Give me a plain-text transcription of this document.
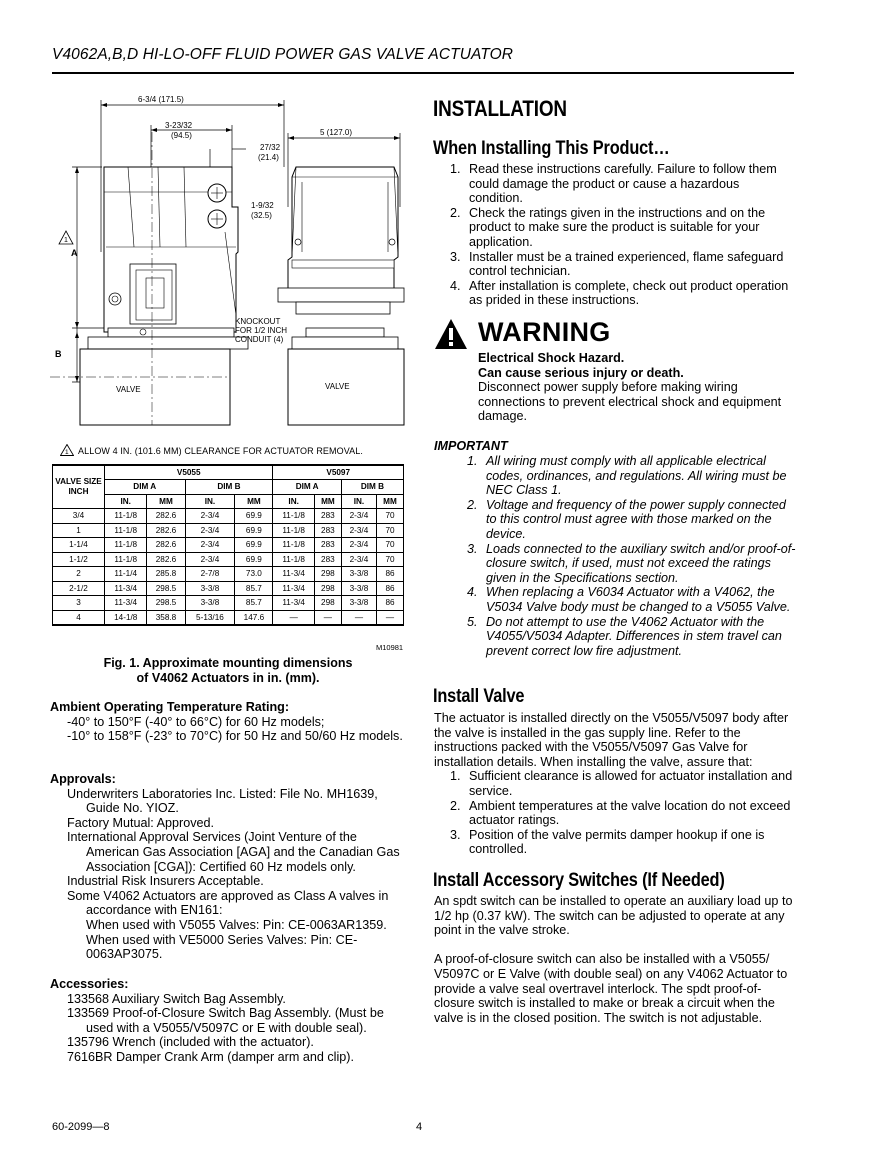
V4062A,B,D HI-LO-OFF FLUID POWER GAS VALVE ACTUATOR
6-3/4 (171.5)
3-23/32 (94.5)	5 (127.0)
27/32 (21.4)
1-9/32 (32.5)
A
B
1
VALVE
KNOCKOUT FOR 1/2 INCH CONDUIT (4)
VALVE
1 ALLOW 4 IN. (101.6 MM) CLEARANCE FOR ACTUATOR REMOVAL.
VALVE SIZE
INCH	V5055				V5097			
	DIM A		DIM B		DIM A		DIM B	
	IN.	MM	IN.	MM	IN.	MM	IN.	MM
3/4	11-1/8	282.6	2-3/4	69.9	11-1/8	283	2-3/4	70
1	11-1/8	282.6	2-3/4	69.9	11-1/8	283	2-3/4	70
1-1/4	11-1/8	282.6	2-3/4	69.9	11-1/8	283	2-3/4	70
1-1/2	11-1/8	282.6	2-3/4	69.9	11-1/8	283	2-3/4	70
2	11-1/4	285.8	2-7/8	73.0	11-3/4	298	3-3/8	86
2-1/2	11-3/4	298.5	3-3/8	85.7	11-3/4	298	3-3/8	86
3	11-3/4	298.5	3-3/8	85.7	11-3/4	298	3-3/8	86
4	14-1/8	358.8	5-13/16	147.6	—	—	—	—
M10981
Fig. 1. Approximate mounting dimensions
of V4062 Actuators in in. (mm).
Ambient Operating Temperature Rating:
-40° to 150°F (-40° to 66°C) for 60 Hz models;
-10° to 158°F (-23° to 70°C) for 50 Hz and 50/60 Hz models.
Approvals:
Underwriters Laboratories Inc. Listed: File No. MH1639, Guide No. YIOZ.
Factory Mutual: Approved.
International Approval Services (Joint Venture of the American Gas Association [AGA] and the Canadian Gas Association [CGA]): Certified 60 Hz models only.
Industrial Risk Insurers Acceptable.
Some V4062 Actuators are approved as Class A valves in accordance with EN161:
When used with V5055 Valves: Pin: CE-0063AR1359.
When used with VE5000 Series Valves: Pin: CE-0063AP3075.
Accessories:
133568 Auxiliary Switch Bag Assembly.
133569 Proof-of-Closure Switch Bag Assembly. (Must be used with a V5055/V5097C or E with double seal).
135796 Wrench (included with the actuator).
7616BR Damper Crank Arm (damper arm and clip).
INSTALLATION
When Installing This Product…
1. Read these instructions carefully. Failure to follow them could damage the product or cause a hazardous condition.
2. Check the ratings given in the instructions and on the product to make sure the product is suitable for your application.
3. Installer must be a trained experienced, flame safeguard control technician.
4. After installation is complete, check out product operation as prided in these instructions.
WARNING
Electrical Shock Hazard.
Can cause serious injury or death.
Disconnect power supply before making wiring connections to prevent electrical shock and equipment damage.
IMPORTANT
1. All wiring must comply with all applicable electrical codes, ordinances, and regulations. All wiring must be NEC Class 1.
2. Voltage and frequency of the power supply connected to this control must agree with those marked on the device.
3. Loads connected to the auxiliary switch and/or proof-of-closure switch, if used, must not exceed the ratings given in the Specifications section.
4. When replacing a V6034 Actuator with a V4062, the V5034 Valve body must be changed to a V5055 Valve.
5. Do not attempt to use the V4062 Actuator with the V4055/V5034 Adapter. Differences in stem travel can prevent correct low fire adjustment.
Install Valve
The actuator is installed directly on the V5055/V5097 body after the valve is installed in the gas supply line. Refer to the instructions packed with the V5055/V5097 Gas Valve for installation details. When installing the valve, assure that:
1. Sufficient clearance is allowed for actuator installation and service.
2. Ambient temperatures at the valve location do not exceed actuator ratings.
3. Position of the valve permits damper hookup if one is controlled.
Install Accessory Switches (If Needed)
An spdt switch can be installed to operate an auxiliary load up to 1/2 hp (0.37 kW). The switch can be adjusted to operate at any point in the valve stroke.
A proof-of-closure switch can also be installed with a V5055/ V5097C or E Valve (with double seal) on any V4062 Actuator to provide a valve seal overtravel interlock. The spdt proof-of-closure switch is installed to make or break a circuit when the valve is in the closed position. The switch is not adjustable.
60-2099—8	4
